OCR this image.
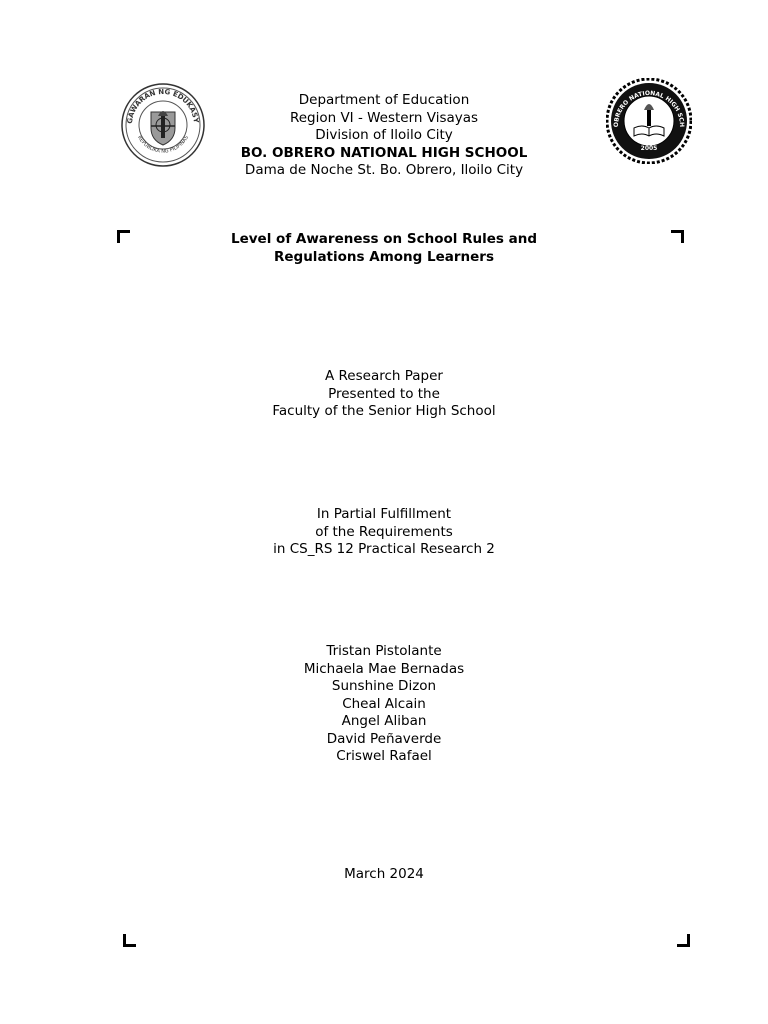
GAWARAN NG EDUKASY
REPUBLIKA NG PILIPINAS
Department of Education
Region VI - Western Visayas
Division of Iloilo City
BO. OBRERO NATIONAL HIGH SCHOOL
Dama de Noche St. Bo. Obrero, Iloilo City
OBRERO NATIONAL HIGH SCH
2005
Level of Awareness on School Rules and
Regulations Among Learners
A Research Paper
Presented to the
Faculty of the Senior High School
In Partial Fulfillment
of the Requirements
in CS_RS 12 Practical Research 2
Tristan Pistolante
Michaela Mae Bernadas
Sunshine Dizon
Cheal Alcain
Angel Aliban
David Peñaverde
Criswel Rafael
March 2024
